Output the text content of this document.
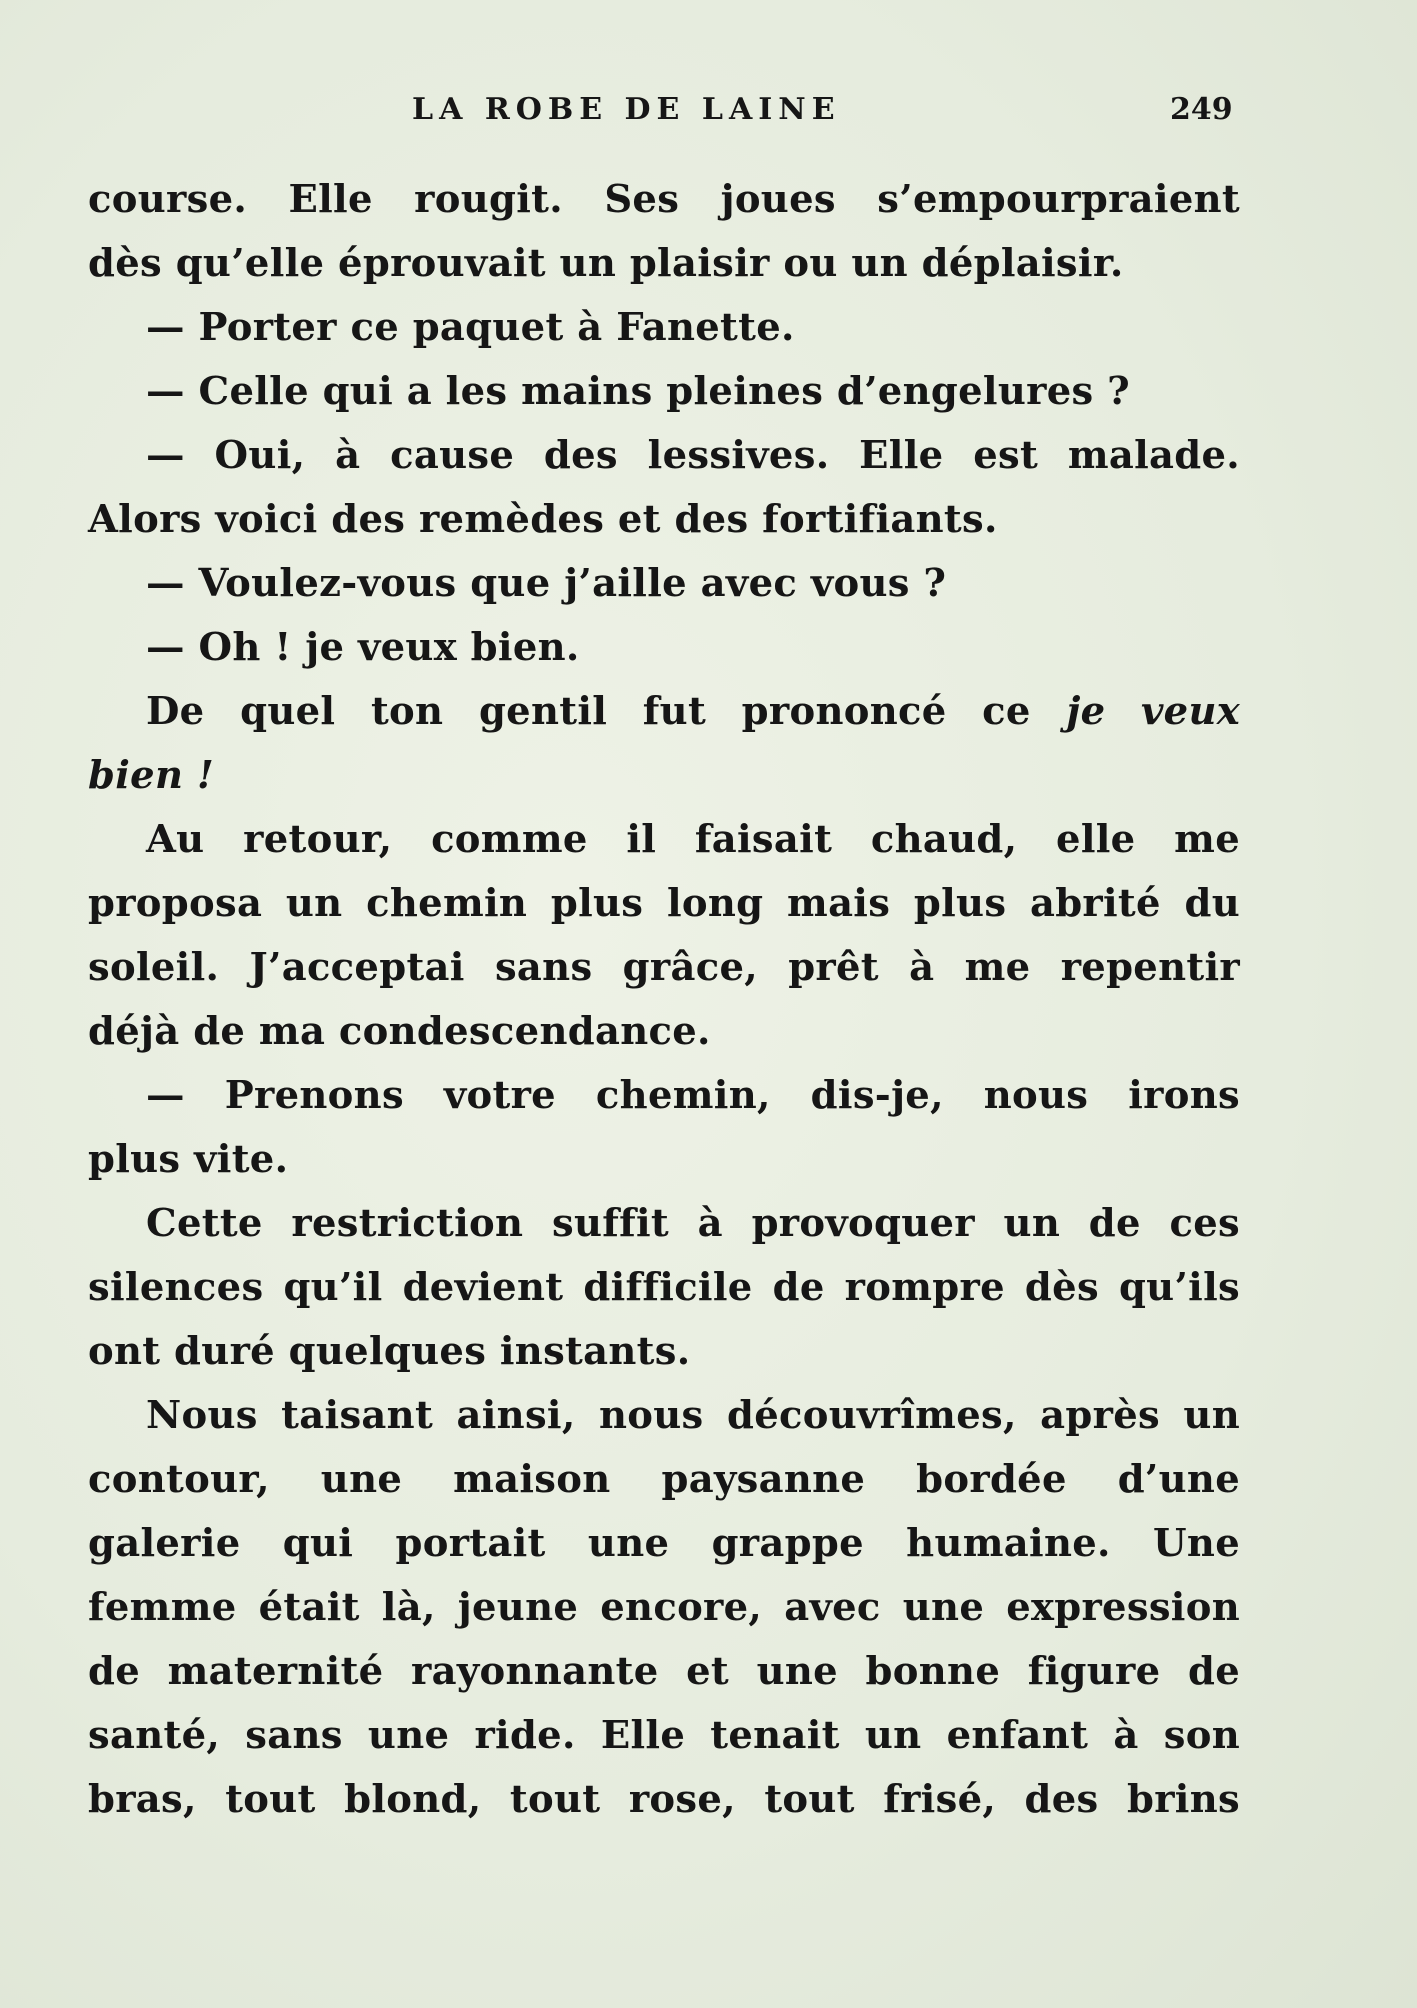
LA ROBE DE LAINE	249
course. Elle rougit. Ses joues s’empourpraient
dès qu’elle éprouvait un plaisir ou un déplaisir.
— Porter ce paquet à Fanette.
— Celle qui a les mains pleines d’engelures ?
— Oui, à cause des lessives. Elle est malade.
Alors voici des remèdes et des fortifiants.
— Voulez-vous que j’aille avec vous ?
— Oh ! je veux bien.
De quel ton gentil fut prononcé ce je veux
bien !
Au retour, comme il faisait chaud, elle me
proposa un chemin plus long mais plus abrité du
soleil. J’acceptai sans grâce, prêt à me repentir
déjà de ma condescendance.
— Prenons votre chemin, dis-je, nous irons
plus vite.
Cette restriction suffit à provoquer un de ces
silences qu’il devient difficile de rompre dès qu’ils
ont duré quelques instants.
Nous taisant ainsi, nous découvrîmes, après un
contour, une maison paysanne bordée d’une
galerie qui portait une grappe humaine. Une
femme était là, jeune encore, avec une expression
de maternité rayonnante et une bonne figure de
santé, sans une ride. Elle tenait un enfant à son
bras, tout blond, tout rose, tout frisé, des brins
